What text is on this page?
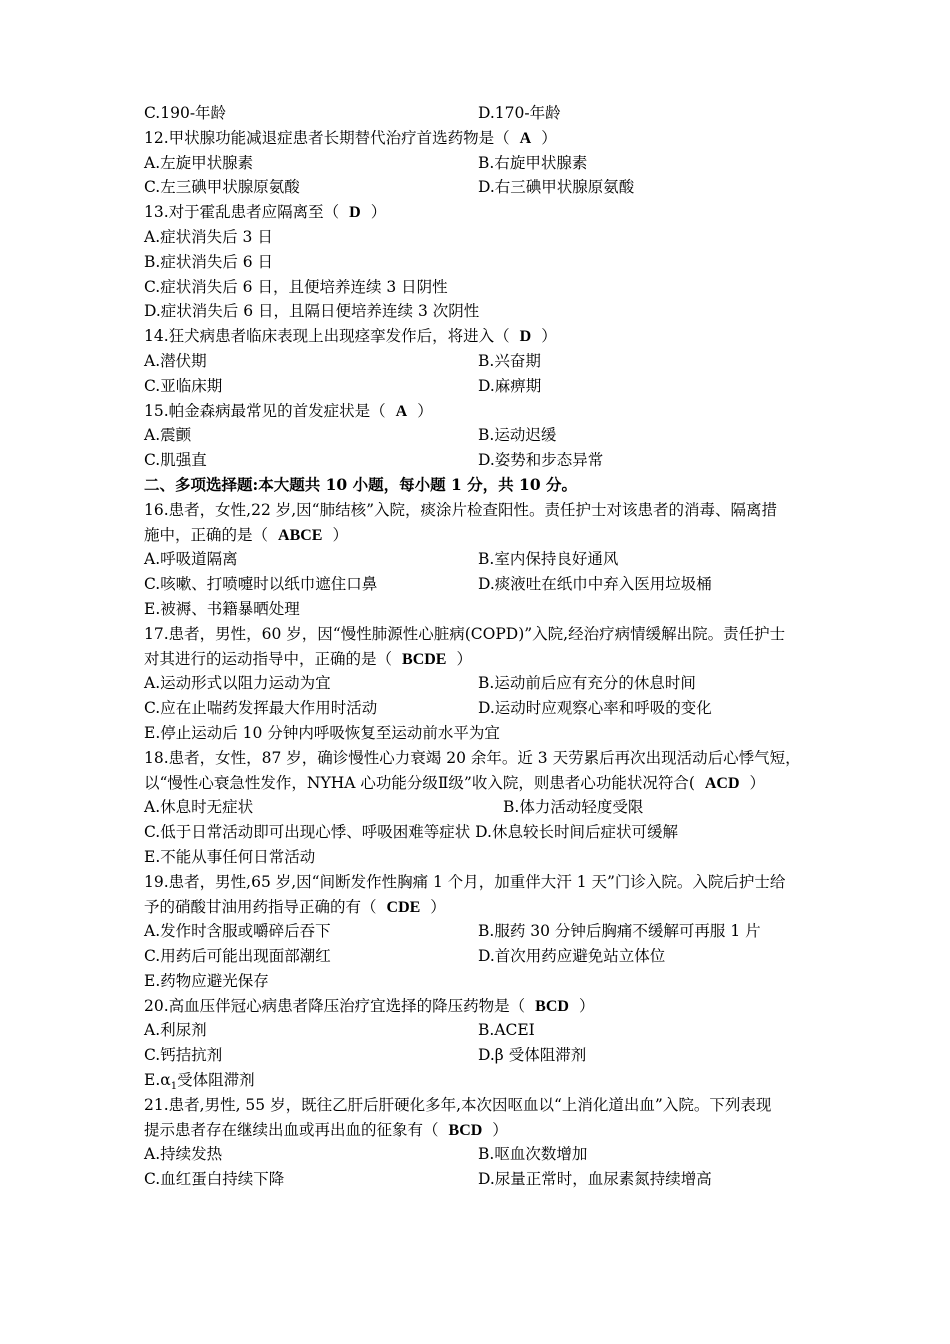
C.190-年龄	D.170-年龄
12.甲状腺功能减退症患者长期替代治疗首选药物是（ A ）
A.左旋甲状腺素	B.右旋甲状腺素
C.左三碘甲状腺原氨酸	D.右三碘甲状腺原氨酸
13.对于霍乱患者应隔离至（ D ）
A.症状消失后 3 日
B.症状消失后 6 日
C.症状消失后 6 日，且便培养连续 3 日阴性
D.症状消失后 6 日，且隔日便培养连续 3 次阴性
14.狂犬病患者临床表现上出现痉挛发作后，将进入（ D ）
A.潜伏期	B.兴奋期
C.亚临床期	D.麻痹期
15.帕金森病最常见的首发症状是（ A ）
A.震颤	B.运动迟缓
C.肌强直	D.姿势和步态异常
二、多项选择题:本大题共 10 小题，每小题 1 分，共 10 分。
16.患者，女性,22 岁,因“肺结核”入院，痰涂片检查阳性。责任护士对该患者的消毒、隔离措
施中，正确的是（ ABCE ）
A.呼吸道隔离	B.室内保持良好通风
C.咳嗽、打喷嚏时以纸巾遮住口鼻	D.痰液吐在纸巾中弃入医用垃圾桶
E.被褥、书籍暴晒处理
17.患者，男性，60 岁，因“慢性肺源性心脏病(COPD)”入院,经治疗病情缓解出院。责任护士
对其进行的运动指导中，正确的是（ BCDE ）
A.运动形式以阻力运动为宜	B.运动前后应有充分的休息时间
C.应在止喘药发挥最大作用时活动	D.运动时应观察心率和呼吸的变化
E.停止运动后 10 分钟内呼吸恢复至运动前水平为宜
18.患者，女性，87 岁，确诊慢性心力衰竭 20 余年。近 3 天劳累后再次出现活动后心悸气短，
以“慢性心衰急性发作，NYHA 心功能分级Ⅱ级”收入院，则患者心功能状况符合( ACD ）
A.休息时无症状	B.体力活动轻度受限
C.低于日常活动即可出现心悸、呼吸困难等症状 D.休息较长时间后症状可缓解
E.不能从事任何日常活动
19.患者，男性,65 岁,因“间断发作性胸痛 1 个月，加重伴大汗 1 天”门诊入院。入院后护士给
予的硝酸甘油用药指导正确的有（ CDE ）
A.发作时含服或嚼碎后吞下	B.服药 30 分钟后胸痛不缓解可再服 1 片
C.用药后可能出现面部潮红	D.首次用药应避免站立体位
E.药物应避光保存
20.高血压伴冠心病患者降压治疗宜选择的降压药物是（ BCD ）
A.利尿剂	B.ACEI
C.钙拮抗剂	D.β 受体阻滞剂
$E.\alpha_1$受体阻滞剂
21.患者,男性, 55 岁，既往乙肝后肝硬化多年,本次因呕血以“上消化道出血”入院。下列表现
提示患者存在继续出血或再出血的征象有（ BCD ）
A.持续发热	B.呕血次数增加
C.血红蛋白持续下降	D.尿量正常时，血尿素氮持续增高
